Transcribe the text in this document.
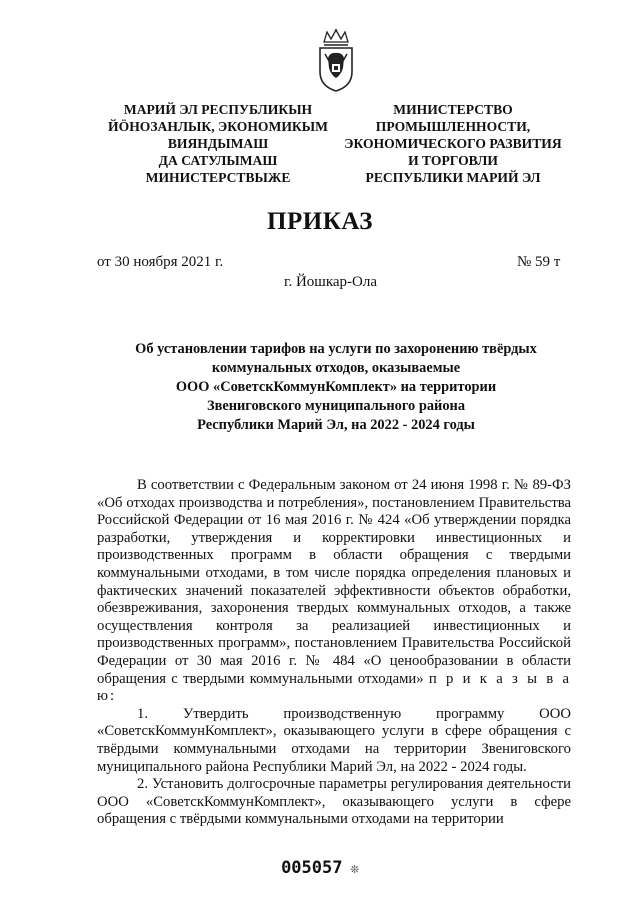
МАРИЙ ЭЛ РЕСПУБЛИКЫН
ЙӦНОЗАНЛЫК, ЭКОНОМИКЫМ
ВИЯНДЫМАШ
ДА САТУЛЫМАШ
МИНИСТЕРСТВЫЖЕ
МИНИСТЕРСТВО
ПРОМЫШЛЕННОСТИ,
ЭКОНОМИЧЕСКОГО РАЗВИТИЯ
И ТОРГОВЛИ
РЕСПУБЛИКИ МАРИЙ ЭЛ
ПРИКАЗ
от 30 ноября 2021 г.	№ 59 т
г. Йошкар-Ола
Об установлении тарифов на услуги по захоронению твёрдых
коммунальных отходов, оказываемые
ООО «СоветскКоммунКомплект» на территории
Звениговского муниципального района
Республики Марий Эл, на 2022 - 2024 годы

В соответствии с Федеральным законом от 24 июня 1998 г. № 89-ФЗ «Об отходах производства и потребления», постановлением Правительства Российской Федерации от 16 мая 2016 г. № 424 «Об утверждении порядка разработки, утверждения и корректировки инвестиционных и производственных программ в области обращения с твердыми коммунальными отходами, в том числе порядка определения плановых и фактических значений показателей эффективности объектов обработки, обезвреживания, захоронения твердых коммунальных отходов, а также осуществления контроля за реализацией инвестиционных и производственных программ», постановлением Правительства Российской Федерации от 30 мая 2016 г. № 484 «О ценообразовании в области обращения с твердыми коммунальными отходами» п р и к а з ы в а ю:

1. Утвердить производственную программу ООО «СоветскКоммунКомплект», оказывающего услуги в сфере обращения с твёрдыми коммунальными отходами на территории Звениговского муниципального района Республики Марий Эл, на 2022 - 2024 годы.

2. Установить долгосрочные параметры регулирования деятельности ООО «СоветскКоммунКомплект», оказывающего услуги в сфере обращения с твёрдыми коммунальными отходами на территории

005057 ❊
